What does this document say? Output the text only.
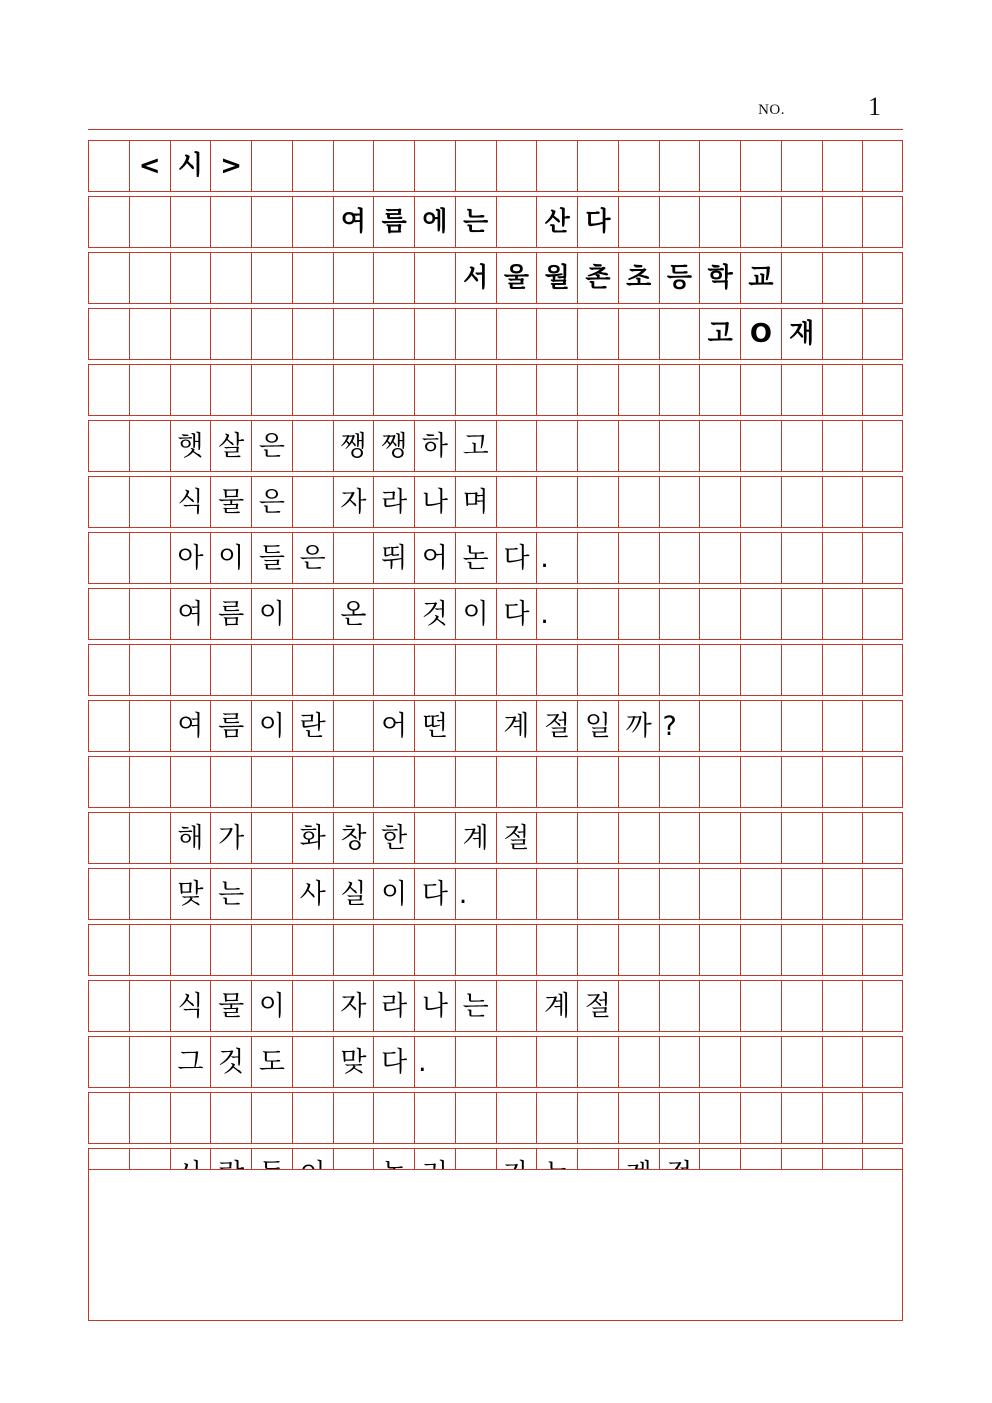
NO.	1
< 시 >
여 름 에 는	산 다
서 울 월 촌 초 등 학 교
고 O 재
햇 살 은 쨍 쨍 하 고
식 물 은 자 라 나 며
아 이 들 은 뛰 어 논 다 .
여 름 이 온 것 이 다 .
여 름 이 란 어 떤 계 절 일 까 ?
해 가 화 창 한 계 절
맞 는 사 실 이 다 .
식 물 이 자 라 나 는 계 절
그 것 도 맞 다 .
